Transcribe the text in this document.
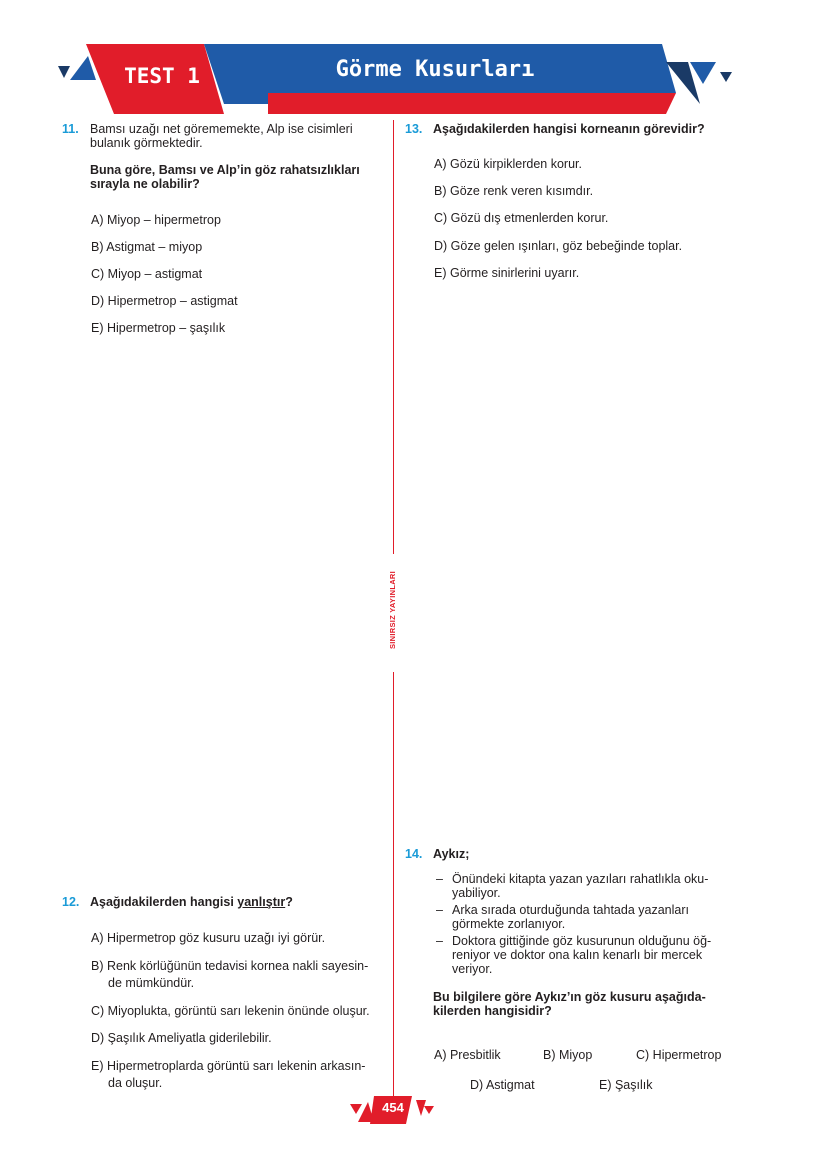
TEST 1	Görme Kusurları
SINIRSIZ YAYINLARI
11. Bamsı uzağı net görememekte, Alp ise cisimleri
bulanık görmektedir.
Buna göre, Bamsı ve Alp’in göz rahatsızlıkları
sırayla ne olabilir?
A) Miyop – hipermetrop
B) Astigmat – miyop
C) Miyop – astigmat
D) Hipermetrop – astigmat
E) Hipermetrop – şaşılık
13. Aşağıdakilerden hangisi korneanın görevidir?
A) Gözü kirpiklerden korur.
B) Göze renk veren kısımdır.
C) Gözü dış etmenlerden korur.
D) Göze gelen ışınları, göz bebeğinde toplar.
E) Görme sinirlerini uyarır.
12. Aşağıdakilerden hangisi yanlıştır?
A) Hipermetrop göz kusuru uzağı iyi görür.
B) Renk körlüğünün tedavisi kornea nakli sayesin-
de mümkündür.
C) Miyoplukta, görüntü sarı lekenin önünde oluşur.
D) Şaşılık Ameliyatla giderilebilir.
E) Hipermetroplarda görüntü sarı lekenin arkasın-
da oluşur.
14. Aykız;
– Önündeki kitapta yazan yazıları rahatlıkla oku-
yabiliyor.
– Arka sırada oturduğunda tahtada yazanları
görmekte zorlanıyor.
– Doktora gittiğinde göz kusurunun olduğunu öğ-
reniyor ve doktor ona kalın kenarlı bir mercek
veriyor.
Bu bilgilere göre Aykız’ın göz kusuru aşağıda-
kilerden hangisidir?
A) Presbitlik	B) Miyop	C) Hipermetrop
D) Astigmat	E) Şaşılık
454
